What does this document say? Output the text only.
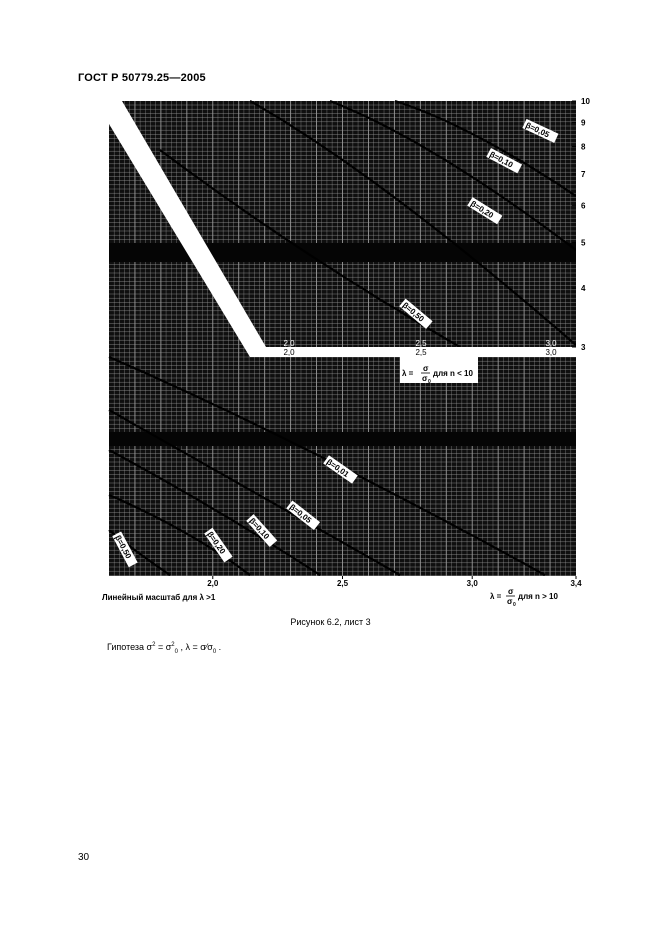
ГОСТ Р 50779.25—2005
2,0	2,5	3,0
2,0	2,5	3,0
λ =
σ
σ 0
для n < 10
10
9
8
7
6
5
4
3
β=0,05
β=0,10
β=0,20
β=0,50
β=0,01
β=0,05
β=0,10
β=0,20
β=0,50
2,0	2,5	3,0	3,4
Линейный масштаб для λ >1	λ =
σ
σ 0
для n > 10
Рисунок 6.2, лист 3
Гипотеза $\sigma^2 = \sigma^2_0$ , $\lambda = \sigma⁄\sigma_0$ .
30
